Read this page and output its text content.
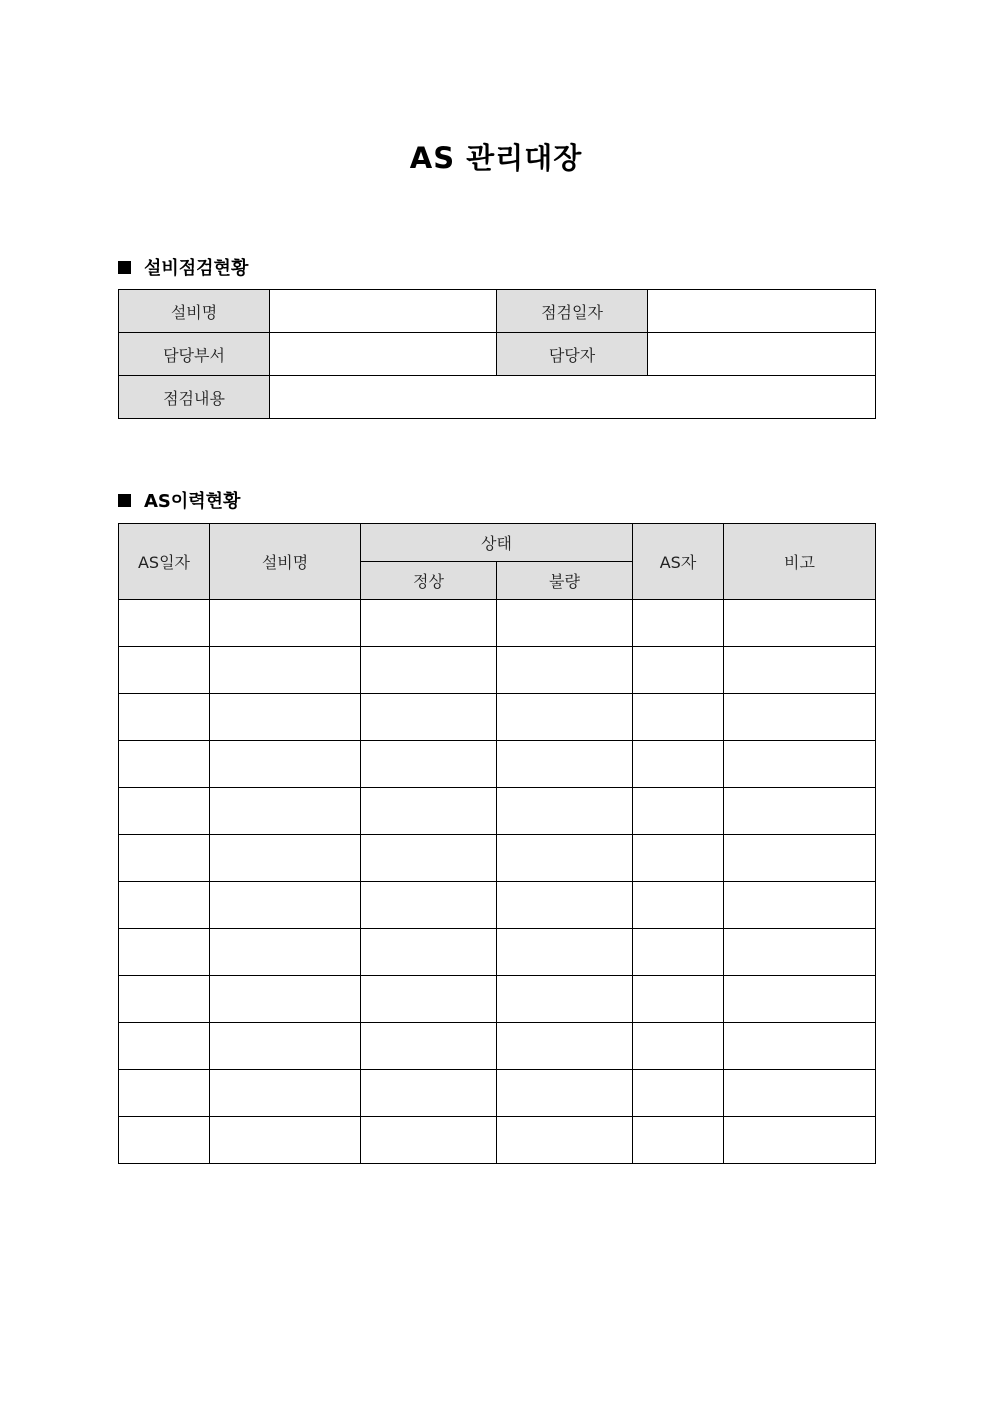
AS 관리대장
설비점검현황
설비명		점검일자	
담당부서		담당자	
점검내용			
AS이력현황
AS일자	설비명	상태		AS자	비고
		정상	불량		
